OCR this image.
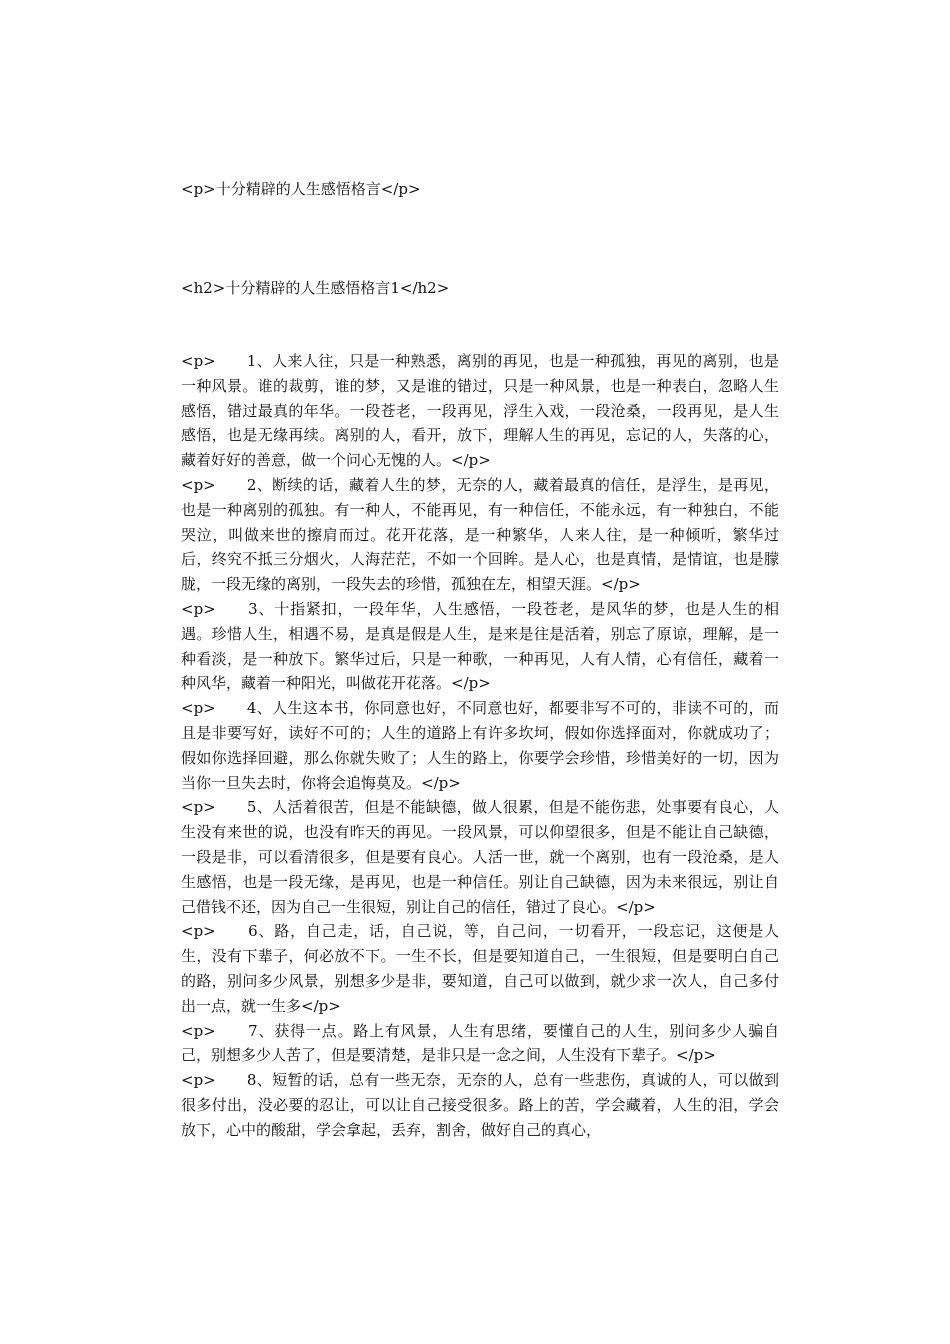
<p>十分精辟的人生感悟格言</p>
<h2>十分精辟的人生感悟格言1</h2>

<p>　　1、人来人往，只是一种熟悉，离别的再见，也是一种孤独，再见的离别，也是一种风景。谁的裁剪，谁的梦，又是谁的错过，只是一种风景，也是一种表白，忽略人生感悟，错过最真的年华。一段苍老，一段再见，浮生入戏，一段沧桑，一段再见，是人生感悟，也是无缘再续。离别的人，看开，放下，理解人生的再见，忘记的人，失落的心，藏着好好的善意，做一个问心无愧的人。</p>

<p>　　2、断续的话，藏着人生的梦，无奈的人，藏着最真的信任，是浮生，是再见，也是一种离别的孤独。有一种人，不能再见，有一种信任，不能永远，有一种独白，不能哭泣，叫做来世的擦肩而过。花开花落，是一种繁华，人来人往，是一种倾听，繁华过后，终究不抵三分烟火，人海茫茫，不如一个回眸。是人心，也是真情，是情谊，也是朦胧，一段无缘的离别，一段失去的珍惜，孤独在左，相望天涯。</p>

<p>　　3、十指紧扣，一段年华，人生感悟，一段苍老，是风华的梦，也是人生的相遇。珍惜人生，相遇不易，是真是假是人生，是来是往是活着，别忘了原谅，理解，是一种看淡，是一种放下。繁华过后，只是一种歌，一种再见，人有人情，心有信任，藏着一种风华，藏着一种阳光，叫做花开花落。</p>

<p>　　4、人生这本书，你同意也好，不同意也好，都要非写不可的，非读不可的，而且是非要写好，读好不可的；人生的道路上有许多坎坷，假如你选择面对，你就成功了；假如你选择回避，那么你就失败了；人生的路上，你要学会珍惜，珍惜美好的一切，因为当你一旦失去时，你将会追悔莫及。</p>

<p>　　5、人活着很苦，但是不能缺德，做人很累，但是不能伤悲，处事要有良心，人生没有来世的说，也没有昨天的再见。一段风景，可以仰望很多，但是不能让自己缺德，一段是非，可以看清很多，但是要有良心。人活一世，就一个离别，也有一段沧桑，是人生感悟，也是一段无缘，是再见，也是一种信任。别让自己缺德，因为未来很远，别让自己借钱不还，因为自己一生很短，别让自己的信任，错过了良心。</p>

<p>　　6、路，自己走，话，自己说，等，自己问，一切看开，一段忘记，这便是人生，没有下辈子，何必放不下。一生不长，但是要知道自己，一生很短，但是要明白自己的路，别问多少风景，别想多少是非，要知道，自己可以做到，就少求一次人，自己多付出一点，就一生多</p>

<p>　　7、获得一点。路上有风景，人生有思绪，要懂自己的人生，别问多少人骗自己，别想多少人苦了，但是要清楚，是非只是一念之间，人生没有下辈子。</p>

<p>　　8、短暂的话，总有一些无奈，无奈的人，总有一些悲伤，真诚的人，可以做到很多付出，没必要的忍让，可以让自己接受很多。路上的苦，学会藏着，人生的泪，学会放下，心中的酸甜，学会拿起，丢弃，割舍，做好自己的真心，
